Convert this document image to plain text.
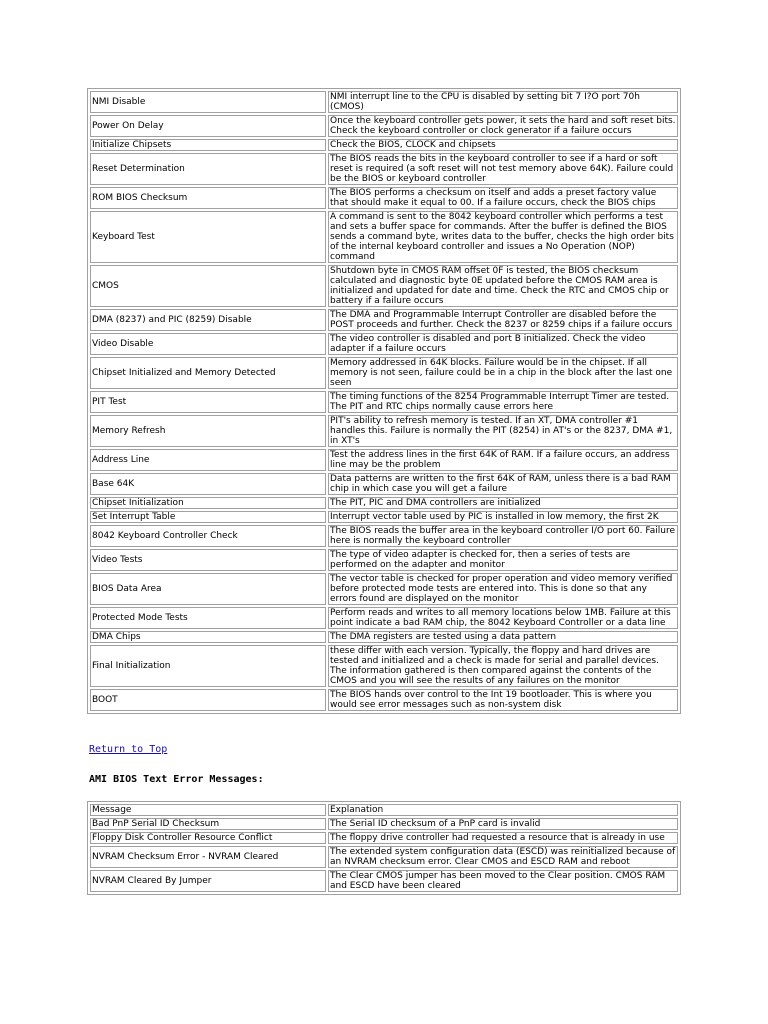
NMI Disable	NMI interrupt line to the CPU is disabled by setting bit 7 I?O port 70h (CMOS)
Power On Delay	Once the keyboard controller gets power, it sets the hard and soft reset bits. Check the keyboard controller or clock generator if a failure occurs
Initialize Chipsets	Check the BIOS, CLOCK and chipsets
Reset Determination	The BIOS reads the bits in the keyboard controller to see if a hard or soft reset is required (a soft reset will not test memory above 64K). Failure could be the BIOS or keyboard controller
ROM BIOS Checksum	The BIOS performs a checksum on itself and adds a preset factory value that should make it equal to 00. If a failure occurs, check the BIOS chips
Keyboard Test	A command is sent to the 8042 keyboard controller which performs a test and sets a buffer space for commands. After the buffer is defined the BIOS sends a command byte, writes data to the buffer, checks the high order bits of the internal keyboard controller and issues a No Operation (NOP) command
CMOS	Shutdown byte in CMOS RAM offset 0F is tested, the BIOS checksum calculated and diagnostic byte 0E updated before the CMOS RAM area is initialized and updated for date and time. Check the RTC and CMOS chip or battery if a failure occurs
DMA (8237) and PIC (8259) Disable	The DMA and Programmable Interrupt Controller are disabled before the POST proceeds and further. Check the 8237 or 8259 chips if a failure occurs
Video Disable	The video controller is disabled and port B initialized. Check the video adapter if a failure occurs
Chipset Initialized and Memory Detected	Memory addressed in 64K blocks. Failure would be in the chipset. If all memory is not seen, failure could be in a chip in the block after the last one seen
PIT Test	The timing functions of the 8254 Programmable Interrupt Timer are tested. The PIT and RTC chips normally cause errors here
Memory Refresh	PIT's ability to refresh memory is tested. If an XT, DMA controller #1 handles this. Failure is normally the PIT (8254) in AT's or the 8237, DMA #1, in XT's
Address Line	Test the address lines in the first 64K of RAM. If a failure occurs, an address line may be the problem
Base 64K	Data patterns are written to the first 64K of RAM, unless there is a bad RAM chip in which case you will get a failure
Chipset Initialization	The PIT, PIC and DMA controllers are initialized
Set Interrupt Table	Interrupt vector table used by PIC is installed in low memory, the first 2K
8042 Keyboard Controller Check	The BIOS reads the buffer area in the keyboard controller I/O port 60. Failure here is normally the keyboard controller
Video Tests	The type of video adapter is checked for, then a series of tests are performed on the adapter and monitor
BIOS Data Area	The vector table is checked for proper operation and video memory verified before protected mode tests are entered into. This is done so that any errors found are displayed on the monitor
Protected Mode Tests	Perform reads and writes to all memory locations below 1MB. Failure at this point indicate a bad RAM chip, the 8042 Keyboard Controller or a data line
DMA Chips	The DMA registers are tested using a data pattern
Final Initialization	these differ with each version. Typically, the floppy and hard drives are tested and initialized and a check is made for serial and parallel devices. The information gathered is then compared against the contents of the CMOS and you will see the results of any failures on the monitor
BOOT	The BIOS hands over control to the Int 19 bootloader. This is where you would see error messages such as non-system disk
Return to Top
AMI BIOS Text Error Messages:
Message	Explanation
Bad PnP Serial ID Checksum	The Serial ID checksum of a PnP card is invalid
Floppy Disk Controller Resource Conflict	The floppy drive controller had requested a resource that is already in use
NVRAM Checksum Error - NVRAM Cleared	The extended system configuration data (ESCD) was reinitialized because of an NVRAM checksum error. Clear CMOS and ESCD RAM and reboot
NVRAM Cleared By Jumper	The Clear CMOS jumper has been moved to the Clear position. CMOS RAM and ESCD have been cleared
